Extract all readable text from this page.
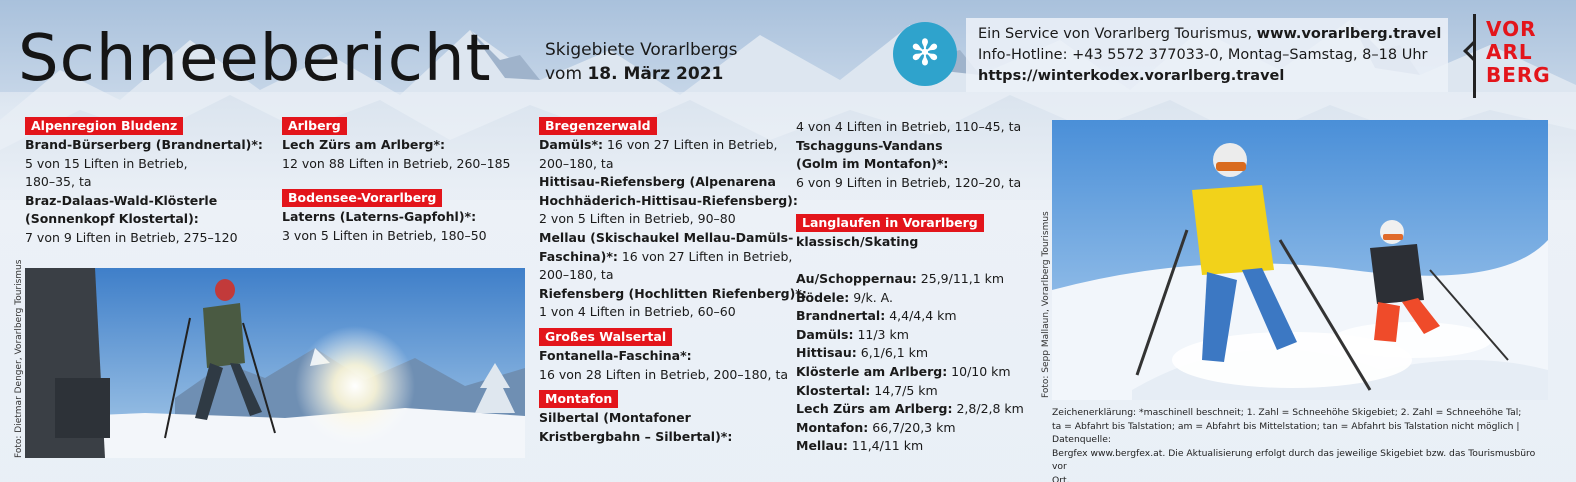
Schneebericht	Skigebiete Vorarlbergs
vom 18. März 2021	✻	Ein Service von Vorarlberg Tourismus, www.vorarlberg.travel
Info-Hotline: +43 5572 377033-0, Montag–Samstag, 8–18 Uhr
https://winterkodex.vorarlberg.travel
VOR
ARL
BERG
Alpenregion Bludenz
Brand-Bürserberg (Brandnertal)*:
5 von 15 Liften in Betrieb,
180–35, ta
Braz-Dalaas-Wald-Klösterle
(Sonnenkopf Klostertal):
7 von 9 Liften in Betrieb, 275–120
Arlberg
Lech Zürs am Arlberg*:
12 von 88 Liften in Betrieb, 260–185
Bodensee-Vorarlberg
Laterns (Laterns-Gapfohl)*:
3 von 5 Liften in Betrieb, 180–50
Bregenzerwald
Damüls*: 16 von 27 Liften in Betrieb,
200–180, ta
Hittisau-Riefensberg (Alpenarena
Hochhäderich-Hittisau-Riefensberg):
2 von 5 Liften in Betrieb, 90–80
Mellau (Skischaukel Mellau-Damüls-
Faschina)*: 16 von 27 Liften in Betrieb,
200–180, ta
Riefensberg (Hochlitten Riefenberg)*:
1 von 4 Liften in Betrieb, 60–60
Großes Walsertal
Fontanella-Faschina*:
16 von 28 Liften in Betrieb, 200–180, ta
Montafon
Silbertal (Montafoner
Kristbergbahn – Silbertal)*:
4 von 4 Liften in Betrieb, 110–45, ta
Tschagguns-Vandans
(Golm im Montafon)*:
6 von 9 Liften in Betrieb, 120–20, ta
Langlaufen in Vorarlberg
klassisch/Skating
Au/Schoppernau: 25,9/11,1 km
Bödele: 9/k. A.
Brandnertal: 4,4/4,4 km
Damüls: 11/3 km
Hittisau: 6,1/6,1 km
Klösterle am Arlberg: 10/10 km
Klostertal: 14,7/5 km
Lech Zürs am Arlberg: 2,8/2,8 km
Montafon: 66,7/20,3 km
Mellau: 11,4/11 km
Foto: Dietmar Denger, Vorarlberg Tourismus	Foto: Sepp Mallaun, Vorarlberg Tourismus
Zeichenerklärung: *maschinell beschneit; 1. Zahl = Schneehöhe Skigebiet; 2. Zahl = Schneehöhe Tal;
ta = Abfahrt bis Talstation; am = Abfahrt bis Mittelstation; tan = Abfahrt bis Talstation nicht möglich | Datenquelle:
Bergfex www.bergfex.at. Die Aktualisierung erfolgt durch das jeweilige Skigebiet bzw. das Tourismusbüro vor
Ort.
